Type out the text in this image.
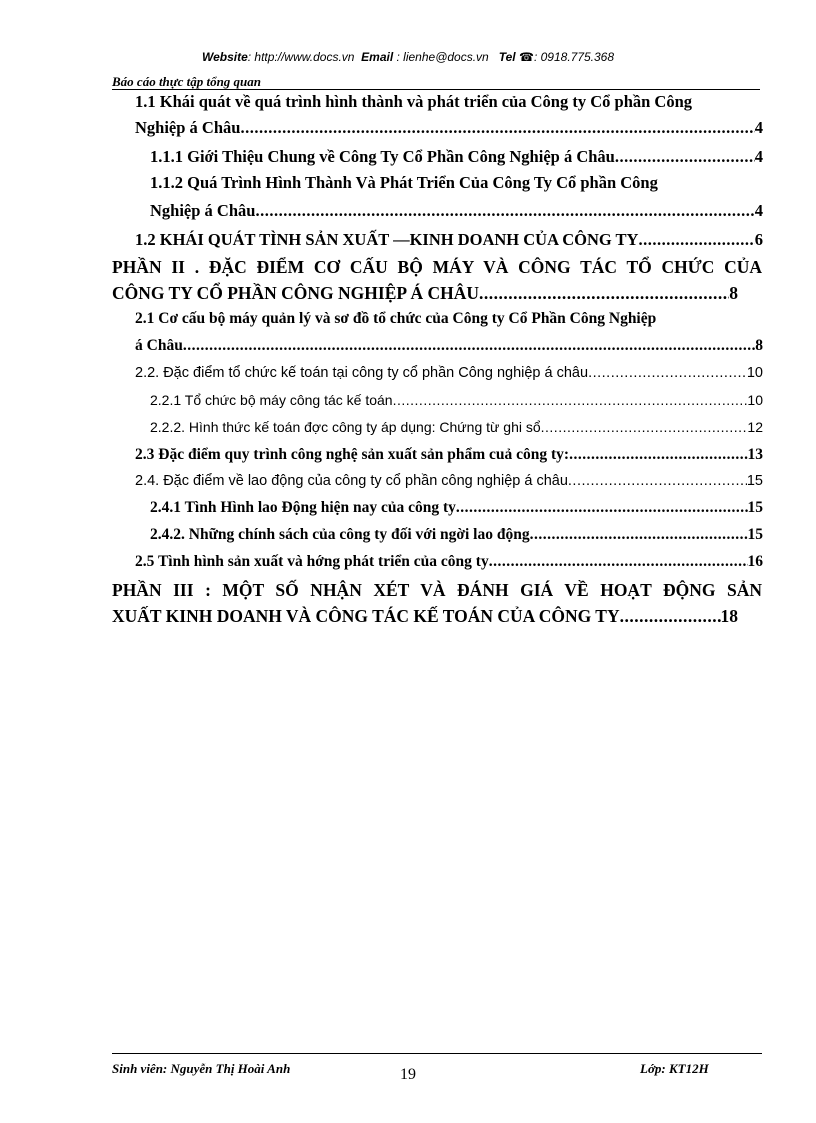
Website: http://www.docs.vn Email : lienhe@docs.vn Tel ☎: 0918.775.368
Báo cáo thực tập tổng quan
1.1 Khái quát về quá trình hình thành và phát triển của Công ty Cổ phần Công
Nghiệp á Châu .....	4
1.1.1 Giới Thiệu Chung về Công Ty Cổ Phần Công Nghiệp á Châu .....	4
1.1.2 Quá Trình Hình Thành Và Phát Triển Của Công Ty Cổ phần Công
Nghiệp á Châu .....	4
1.2 KHÁI QUÁT TÌNH SẢN XUẤT —KINH DOANH CỦA CÔNG TY .....	6
PHẦN II . ĐẶC ĐIỂM CƠ CẤU BỘ MÁY VÀ CÔNG TÁC TỔ CHỨC CỦA
CÔNG TY CỔ PHẦN CÔNG NGHIỆP Á CHÂU .....	8
2.1 Cơ cấu bộ máy quản lý và sơ đồ tổ chức của Công ty Cổ Phần Công Nghiệp
á Châu .....	8
2.2. Đặc điểm tổ chức kế toán tại công ty cổ phần Công nghiệp á châu .....	10
2.2.1 Tổ chức bộ máy công tác kế toán .....	10
2.2.2. Hình thức kế toán đợc công ty áp dụng: Chứng từ ghi sổ .....	12
2.3 Đặc điểm quy trình công nghệ sản xuất sản phẩm cuả công ty: .....	13
2.4. Đặc điểm về lao động của công ty cổ phần công nghiệp á châu .....	15
2.4.1 Tình Hình lao Động hiện nay của công ty .....	15
2.4.2. Những chính sách của công ty đối với ngời lao động .....	15
2.5 Tình hình sản xuất và hớng phát triển của công ty .....	16
PHẦN III : MỘT SỐ NHẬN XÉT VÀ ĐÁNH GIÁ VỀ HOẠT ĐỘNG SẢN
XUẤT KINH DOANH VÀ CÔNG TÁC KẾ TOÁN CỦA CÔNG TY .....	18
Sinh viên: Nguyễn Thị Hoài Anh	19	Lớp: KT12H
